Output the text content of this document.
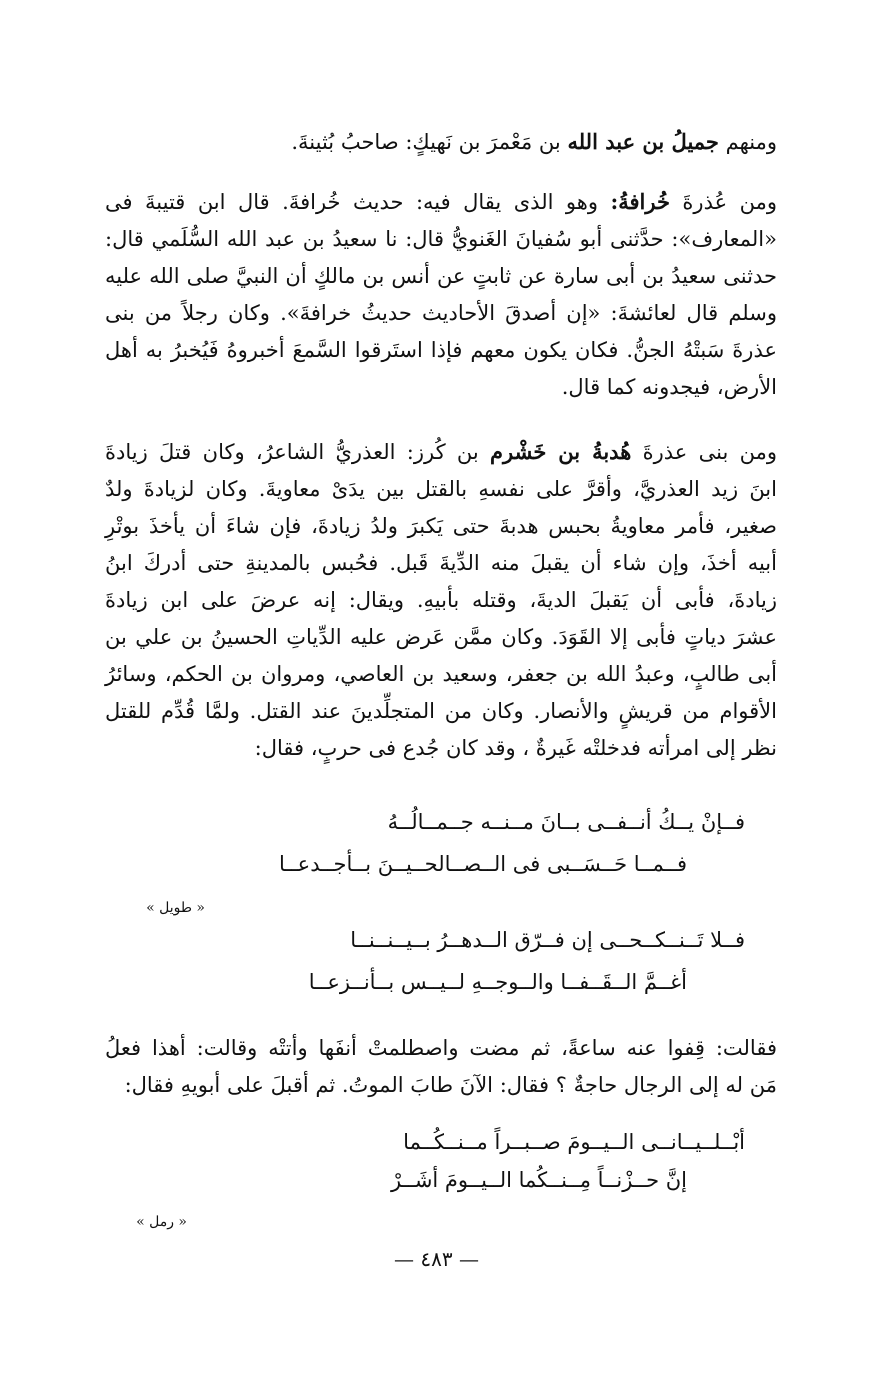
ومنهم جميلُ بن عبد الله بن مَعْمرَ بن نَهيكٍ: صاحبُ بُثينةَ.
ومن عُذرةَ خُرافةُ: وهو الذى يقال فيه: حديث خُرافةَ. قال ابن قتيبةَ فى
«المعارف»: حدَّثنى أبو سُفيانَ الغَنويُّ قال: نا سعيدُ بن عبد الله السُّلَمي قال:
حدثنى سعيدُ بن أبى سارة عن ثابتٍ عن أنس بن مالكٍ أن النبيَّ صلى الله عليه
وسلم قال لعائشةَ: «إن أصدقَ الأحاديث حديثُ خرافةَ». وكان رجلاً من بنى
عذرةَ سَبتْهُ الجنُّ. فكان يكون معهم فإذا استَرقوا السَّمعَ أخبروهُ فَيُخبرُ به أهل
الأرض، فيجدونه كما قال.
ومن بنى عذرةَ هُدبةُ بن خَشْرم بن كُرز: العذريُّ الشاعرُ، وكان قتلَ زيادةَ
ابنَ زيد العذريَّ، وأقرَّ على نفسهِ بالقتل بين يدَىْ معاويةَ. وكان لزيادةَ ولدٌ
صغير، فأمر معاويةُ بحبس هدبةَ حتى يَكبرَ ولدُ زيادةَ، فإن شاءَ أن يأخذَ بوتْرِ
أبيه أخذَ، وإن شاء أن يقبلَ منه الدِّيةَ قَبل. فحُبس بالمدينةِ حتى أدركَ ابنُ
زيادةَ، فأبى أن يَقبلَ الديةَ، وقتله بأبيهِ. ويقال: إنه عرضَ على ابن زيادةَ
عشرَ دياتٍ فأبى إلا القَوَدَ. وكان ممَّن عَرض عليه الدِّياتِ الحسينُ بن علي بن
أبى طالبٍ، وعبدُ الله بن جعفر، وسعيد بن العاصي، ومروان بن الحكم، وسائرُ
الأقوام من قريشٍ والأنصار. وكان من المتجلِّدينَ عند القتل. ولمَّا قُدِّم للقتل
نظر إلى امرأته فدخلتْه غَيرةٌ ، وقد كان جُدع فى حربٍ، فقال:
فــإنْ يــكُ أنــفــى بــانَ مــنــه جــمــالُــهُ
فــمــا حَــسَــبى فى الــصــالحــيــنَ بــأجــدعــا
« طويل »
فــلا تَــنــكــحــى إن فــرّق الــدهــرُ بــيــنــنــا
أغــمَّ الــقَــفــا والــوجــهِ لــيــس بــأنــزعــا
فقالت: قِفوا عنه ساعةً، ثم مضت واصطلمتْ أنفَها وأتتْه وقالت: أهذا فعلُ
مَن له إلى الرجال حاجةٌ ؟ فقال: الآنَ طابَ الموتُ. ثم أقبلَ على أبويهِ فقال:
أبْــلــيــانــى الــيــومَ صــبــراً مــنــكُــما
إنَّ حــزْنــاً مِــنــكُما الــيــومَ أشَــرْ
« رمل »
— ٤٨٣ —
